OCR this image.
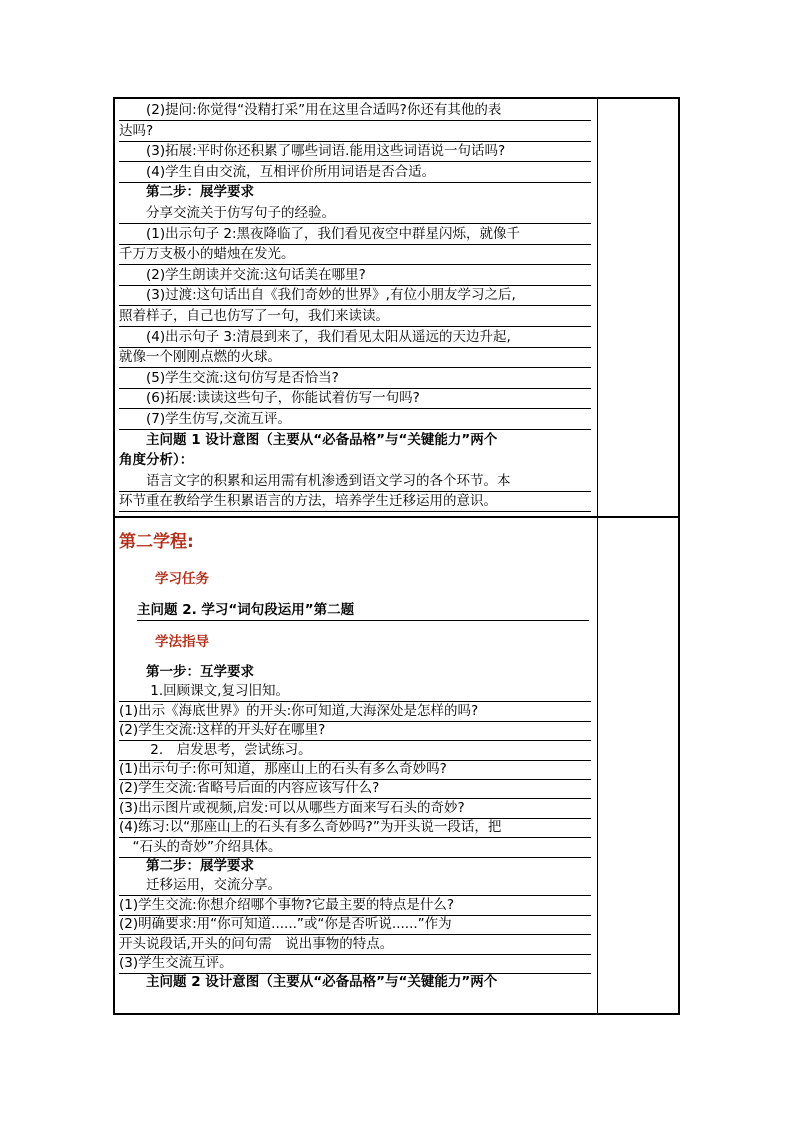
　　(2)提问:你觉得“没精打采”用在这里合适吗?你还有其他的表
达吗?
　　(3)拓展:平时你还积累了哪些词语.能用这些词语说一句话吗?
　　(4)学生自由交流，互相评价所用词语是否合适。
　　第二步：展学要求
　　分享交流关于仿写句子的经验。
　　(1)出示句子 2:黑夜降临了，我们看见夜空中群星闪烁，就像千
千万万支极小的蜡烛在发光。
　　(2)学生朗读并交流:这句话美在哪里?
　　(3)过渡:这句话出自《我们奇妙的世界》,有位小朋友学习之后,
照着样子，自己也仿写了一句，我们来读读。
　　(4)出示句子 3:清晨到来了，我们看见太阳从遥远的天边升起,
就像一个刚刚点燃的火球。
　　(5)学生交流:这句仿写是否恰当?
　　(6)拓展:读读这些句子，你能试着仿写一句吗?
　　(7)学生仿写,交流互评。
　　主问题 1 设计意图（主要从“必备品格”与“关键能力”两个
角度分析）：
　　语言文字的积累和运用需有机渗透到语文学习的各个环节。本
环节重在教给学生积累语言的方法，培养学生迁移运用的意识。
第二学程:
学习任务
主问题 2. 学习“词句段运用”第二题
学法指导
　　第一步：互学要求
　　 1.回顾课文,复习旧知。
(1)出示《海底世界》的开头:你可知道,大海深处是怎样的吗?
(2)学生交流:这样的开头好在哪里?
　　 2.　启发思考，尝试练习。
(1)出示句子:你可知道，那座山上的石头有多么奇妙吗?
(2)学生交流:省略号后面的内容应该写什么?
(3)出示图片或视频,启发:可以从哪些方面来写石头的奇妙?
(4)练习:以“那座山上的石头有多么奇妙吗?”为开头说一段话，把
　“石头的奇妙”介绍具体。
　　第二步：展学要求
　　迁移运用，交流分享。
(1)学生交流:你想介绍哪个事物?它最主要的特点是什么?
(2)明确要求:用“你可知道......”或“你是否听说......”作为
开头说段话,开头的问句需　说出事物的特点。
(3)学生交流互评。
　　主问题 2 设计意图（主要从“必备品格”与“关键能力”两个
